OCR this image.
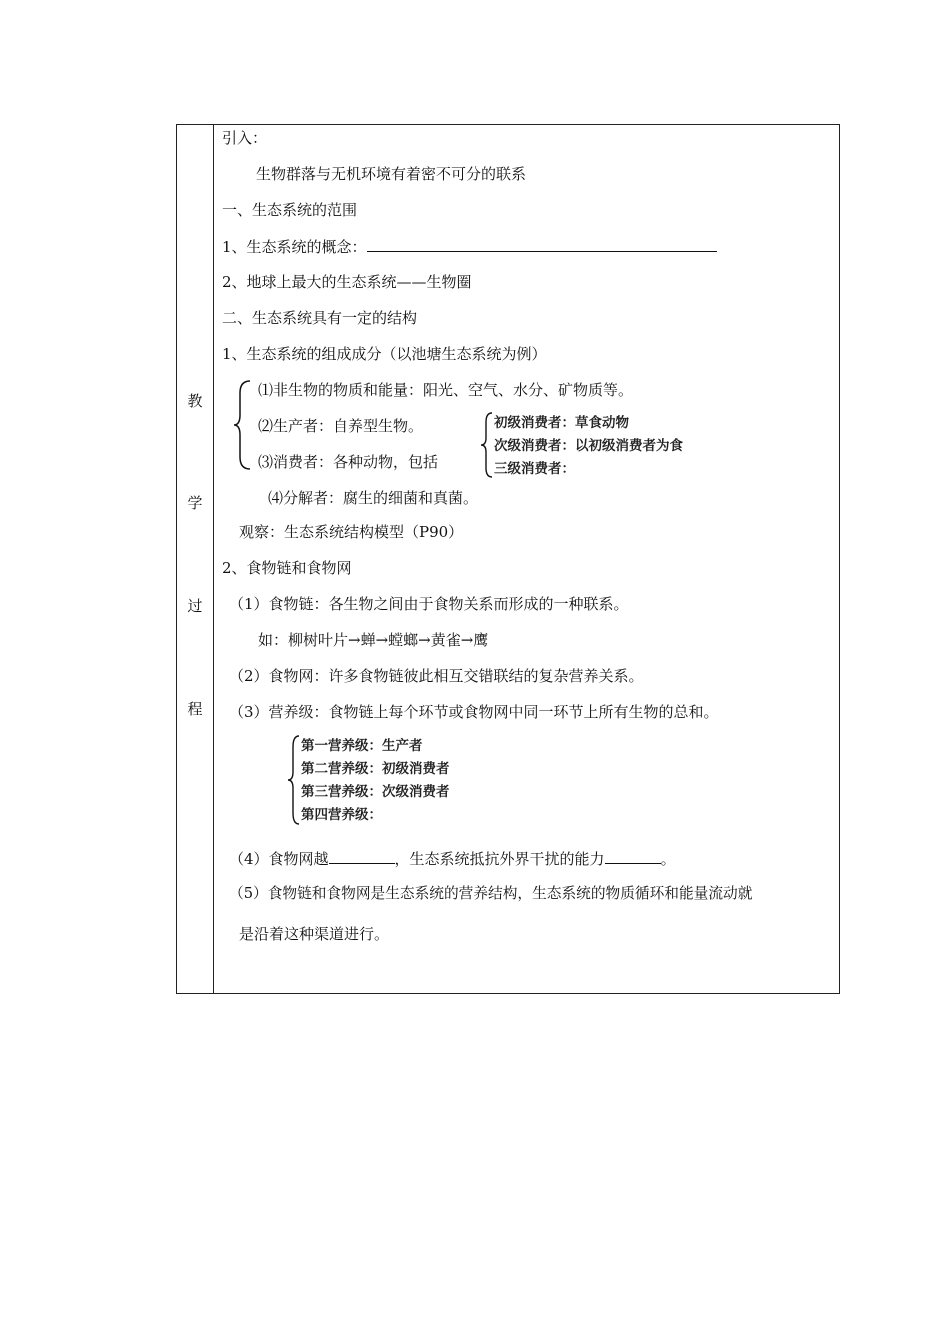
教
学
过
程
引入：
生物群落与无机环境有着密不可分的联系
一、生态系统的范围
1、生态系统的概念：
2、地球上最大的生态系统——生物圈
二、生态系统具有一定的结构
1、生态系统的组成成分（以池塘生态系统为例）
⑴非生物的物质和能量：阳光、空气、水分、矿物质等。
⑵生产者：自养型生物。
⑶消费者：各种动物，包括
初级消费者：草食动物
次级消费者：以初级消费者为食
三级消费者：
⑷分解者：腐生的细菌和真菌。
观察：生态系统结构模型（P90）
2、食物链和食物网
（1）食物链：各生物之间由于食物关系而形成的一种联系。
如：柳树叶片→蝉→螳螂→黄雀→鹰
（2）食物网：许多食物链彼此相互交错联结的复杂营养关系。
（3）营养级：食物链上每个环节或食物网中同一环节上所有生物的总和。
第一营养级：生产者
第二营养级：初级消费者
第三营养级：次级消费者
第四营养级：
（4）食物网越	，生态系统抵抗外界干扰的能力	。
（5）食物链和食物网是生态系统的营养结构，生态系统的物质循环和能量流动就
是沿着这种渠道进行。
